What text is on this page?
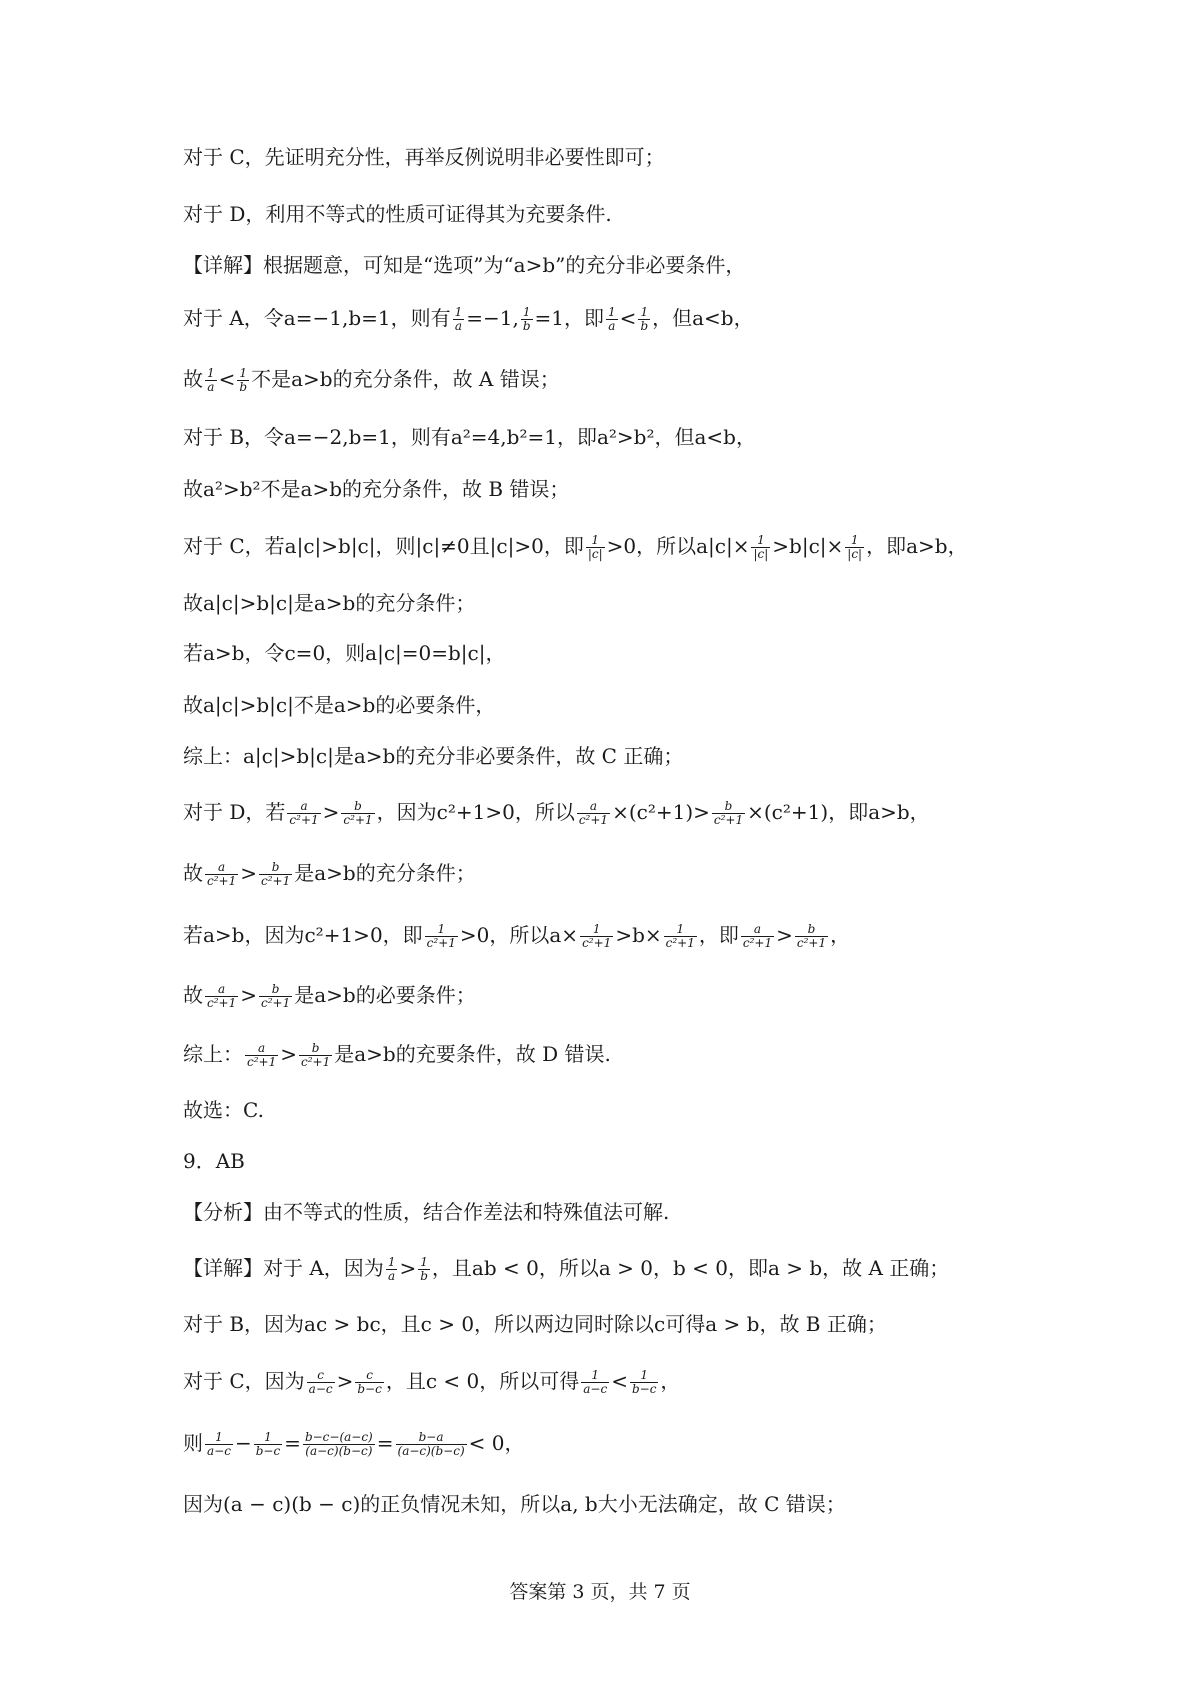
对于 C，先证明充分性，再举反例说明非必要性即可；
对于 D，利用不等式的性质可证得其为充要条件.
【详解】根据题意，可知是“选项”为“a>b”的充分非必要条件，
对于 A，令a=−1,b=1，则有 $\frac{1}{a} =-1$, $\frac{1}{b} =1$，即 $\frac{1}{a} < \frac{1}{b}$ ，但a<b，
故 $\frac{1}{a} < \frac{1}{b}$ 不是a>b的充分条件，故 A 错误；
对于 B，令a=−2,b=1，则有a²=4,b²=1，即a²>b²，但a<b，
故a²>b²不是a>b的充分条件，故 B 错误；
对于 C，若a|c|>b|c|，则|c|≠0且|c|>0，即 $\frac{1}{|c|} >0$，所以$a|c|\times \frac{1}{|c|} >b|c|\times \frac{1}{|c|}$ ，即a>b，
故a|c|>b|c|是a>b的充分条件；
若a>b，令c=0，则a|c|=0=b|c|，
故a|c|>b|c|不是a>b的必要条件，
综上：a|c|>b|c|是a>b的充分非必要条件，故 C 正确；
对于 D，若 $\frac{a}{\text{c²+1}} > \frac{b}{\text{c²+1}}$ ，因为c²+1>0，所以 $\frac{a}{\text{c²+1}} \times(c^2+1)> \frac{b}{\text{c²+1}} \times(c^2+1)$，即a>b，
故 $\frac{a}{\text{c²+1}} > \frac{b}{\text{c²+1}}$ 是a>b的充分条件；
若a>b，因为c²+1>0，即 $\frac{1}{\text{c²+1}} >0$，所以$a\times \frac{1}{\text{c²+1}} >b\times \frac{1}{\text{c²+1}}$ ，即 $\frac{a}{\text{c²+1}} > \frac{b}{\text{c²+1}}$ ，
故 $\frac{a}{\text{c²+1}} > \frac{b}{\text{c²+1}}$ 是a>b的必要条件；
综上： $\frac{a}{\text{c²+1}} > \frac{b}{\text{c²+1}}$ 是a>b的充要条件，故 D 错误.
故选：C.
9．AB
【分析】由不等式的性质，结合作差法和特殊值法可解.
【详解】对于 A，因为 $\frac{1}{a} > \frac{1}{b}$ ，且ab < 0，所以a > 0，b < 0，即a > b，故 A 正确；
对于 B，因为ac > bc，且c > 0，所以两边同时除以c可得a > b，故 B 正确；
对于 C，因为 $\frac{c}{a-c} > \frac{c}{b-c}$ ，且c < 0，所以可得 $\frac{1}{a-c} < \frac{1}{b-c}$ ，
则 $\frac{1}{a-c} - \frac{1}{b-c} = \frac{b-c-(a-c)}{(a-c)(b-c)} = \frac{b-a}{(a-c)(b-c)} < 0$，
因为(a − c)(b − c)的正负情况未知，所以a, b大小无法确定，故 C 错误；
答案第 3 页，共 7 页
